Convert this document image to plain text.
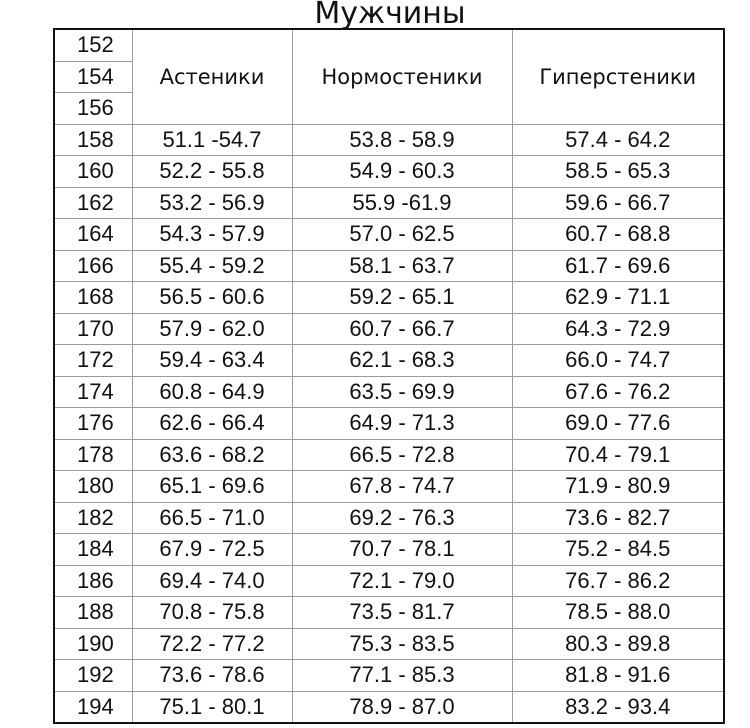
Мужчины
152			
154	Астеники	Нормостеники	Гиперстеники
156			
158	51.1 -54.7	53.8 - 58.9	57.4 - 64.2
160	52.2 - 55.8	54.9 - 60.3	58.5 - 65.3
162	53.2 - 56.9	55.9 -61.9	59.6 - 66.7
164	54.3 - 57.9	57.0 - 62.5	60.7 - 68.8
166	55.4 - 59.2	58.1 - 63.7	61.7 - 69.6
168	56.5 - 60.6	59.2 - 65.1	62.9 - 71.1
170	57.9 - 62.0	60.7 - 66.7	64.3 - 72.9
172	59.4 - 63.4	62.1 - 68.3	66.0 - 74.7
174	60.8 - 64.9	63.5 - 69.9	67.6 - 76.2
176	62.6 - 66.4	64.9 - 71.3	69.0 - 77.6
178	63.6 - 68.2	66.5 - 72.8	70.4 - 79.1
180	65.1 - 69.6	67.8 - 74.7	71.9 - 80.9
182	66.5 - 71.0	69.2 - 76.3	73.6 - 82.7
184	67.9 - 72.5	70.7 - 78.1	75.2 - 84.5
186	69.4 - 74.0	72.1 - 79.0	76.7 - 86.2
188	70.8 - 75.8	73.5 - 81.7	78.5 - 88.0
190	72.2 - 77.2	75.3 - 83.5	80.3 - 89.8
192	73.6 - 78.6	77.1 - 85.3	81.8 - 91.6
194	75.1 - 80.1	78.9 - 87.0	83.2 - 93.4
